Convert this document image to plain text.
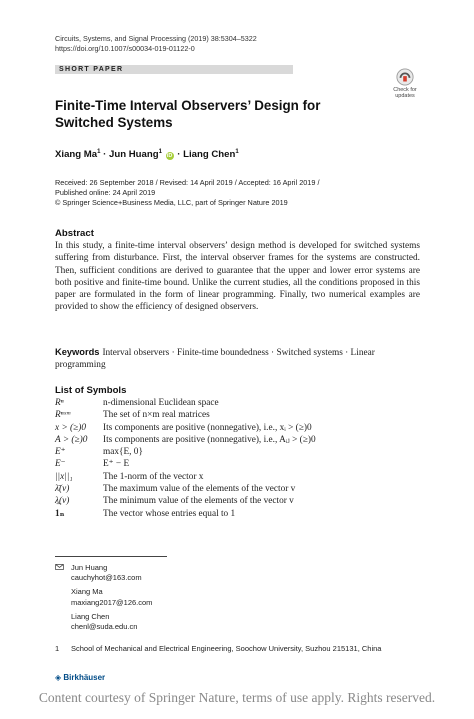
Circuits, Systems, and Signal Processing (2019) 38:5304–5322
https://doi.org/10.1007/s00034-019-01122-0
SHORT PAPER
Check for
updates
Finite-Time Interval Observers’ Design for Switched Systems
Xiang $Ma^1$ · Jun Huang$^1$ iD · Liang Chen$^1$
Received: 26 September 2018 / Revised: 14 April 2019 / Accepted: 16 April 2019 /
Published online: 24 April 2019
© Springer Science+Business Media, LLC, part of Springer Nature 2019
Abstract
In this study, a finite-time interval observers’ design method is developed for switched systems suffering from disturbance. First, the interval observer frames for the systems are constructed. Then, sufficient conditions are derived to guarantee that the upper and lower error systems are both positive and finite-time bound. Unlike the current studies, all the conditions proposed in this paper are formulated in the form of linear programming. Finally, two numerical examples are provided to show the efficiency of designed observers.
Keywords Interval observers · Finite-time boundedness · Switched systems · Linear programming
List of Symbols
Rⁿ	n-dimensional Euclidean space
Rⁿˣᵐ	The set of n×m real matrices
x > (≥)0	Its components are positive (nonnegative), i.e., xᵢ > (≥)0
A > (≥)0	Its components are positive (nonnegative), i.e., Aᵢⱼ > (≥)0
E⁺	max{E, 0}
E⁻	E⁺ − E
||x||₁	The 1-norm of the vector x
λ̄(v)	The maximum value of the elements of the vector v
λ̲(v)	The minimum value of the elements of the vector v
1ₙ	The vector whose entries equal to 1
Jun Huang
cauchyhot@163.com
Xiang Ma
maxiang2017@126.com
Liang Chen
chenl@suda.edu.cn
1 School of Mechanical and Electrical Engineering, Soochow University, Suzhou 215131, China
◈ Birkhäuser
Content courtesy of Springer Nature, terms of use apply. Rights reserved.
